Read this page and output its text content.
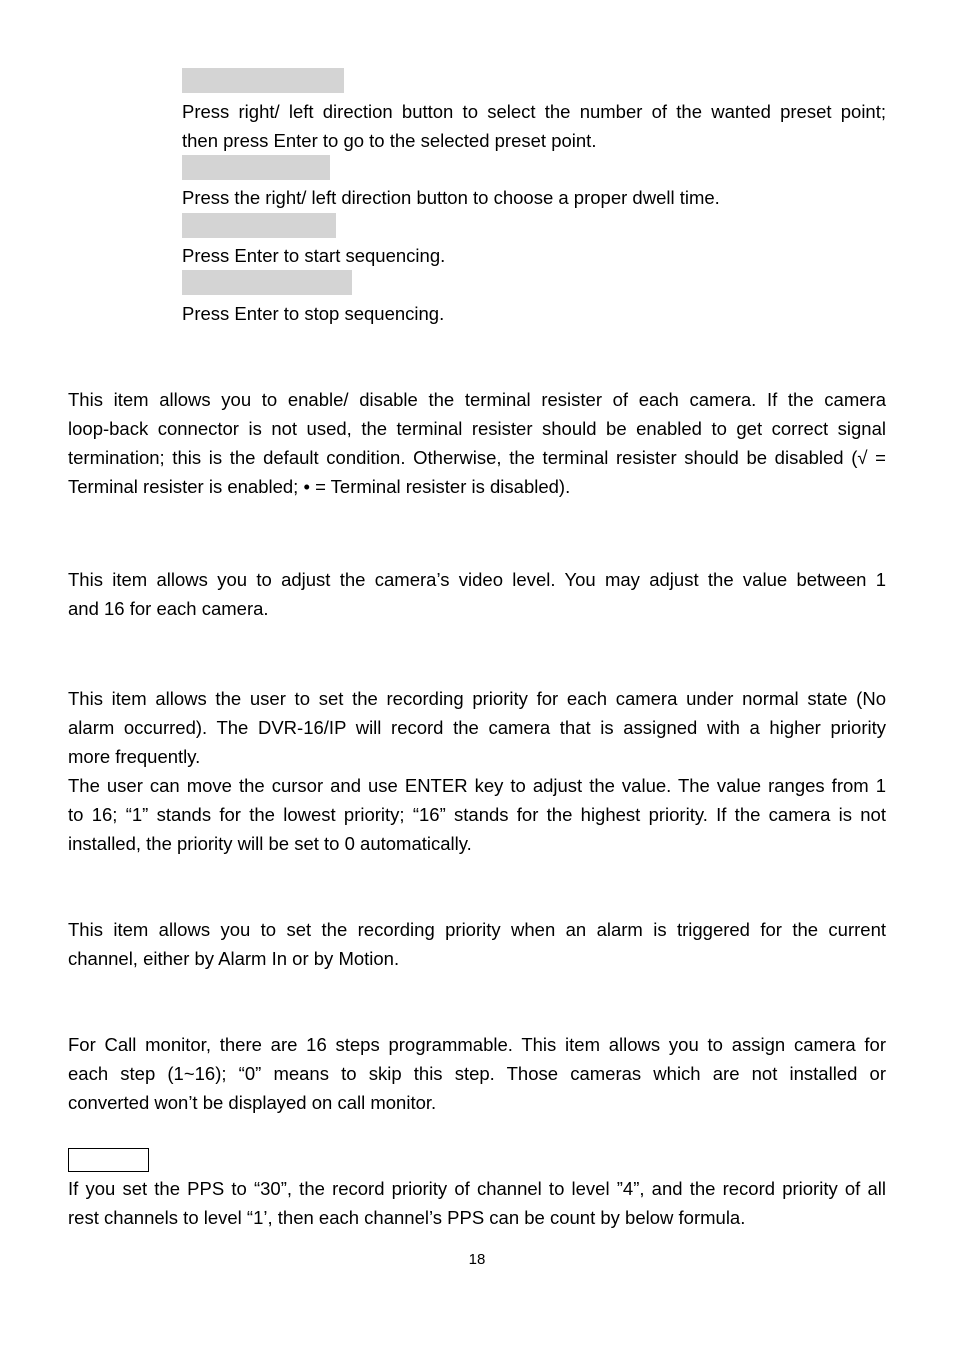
Press right/ left direction button to select the number of the wanted preset point;
then press Enter to go to the selected preset point.

Press the right/ left direction button to choose a proper dwell time.

Press Enter to start sequencing.

Press Enter to stop sequencing.

This item allows you to enable/ disable the terminal resister of each camera. If the camera
loop-back connector is not used, the terminal resister should be enabled to get correct signal
termination; this is the default condition. Otherwise, the terminal resister should be disabled (√ =
Terminal resister is enabled; • = Terminal resister is disabled).

This item allows you to adjust the camera’s video level. You may adjust the value between 1
and 16 for each camera.

This item allows the user to set the recording priority for each camera under normal state (No
alarm occurred). The DVR-16/IP will record the camera that is assigned with a higher priority
more frequently.
The user can move the cursor and use ENTER key to adjust the value. The value ranges from 1
to 16; “1” stands for the lowest priority; “16” stands for the highest priority. If the camera is not
installed, the priority will be set to 0 automatically.

This item allows you to set the recording priority when an alarm is triggered for the current
channel, either by Alarm In or by Motion.

For Call monitor, there are 16 steps programmable. This item allows you to assign camera for
each step (1~16); “0” means to skip this step. Those cameras which are not installed or
converted won’t be displayed on call monitor.

If you set the PPS to “30”, the record priority of channel to level ”4”, and the record priority of all
rest channels to level “1’, then each channel’s PPS can be count by below formula.

18
